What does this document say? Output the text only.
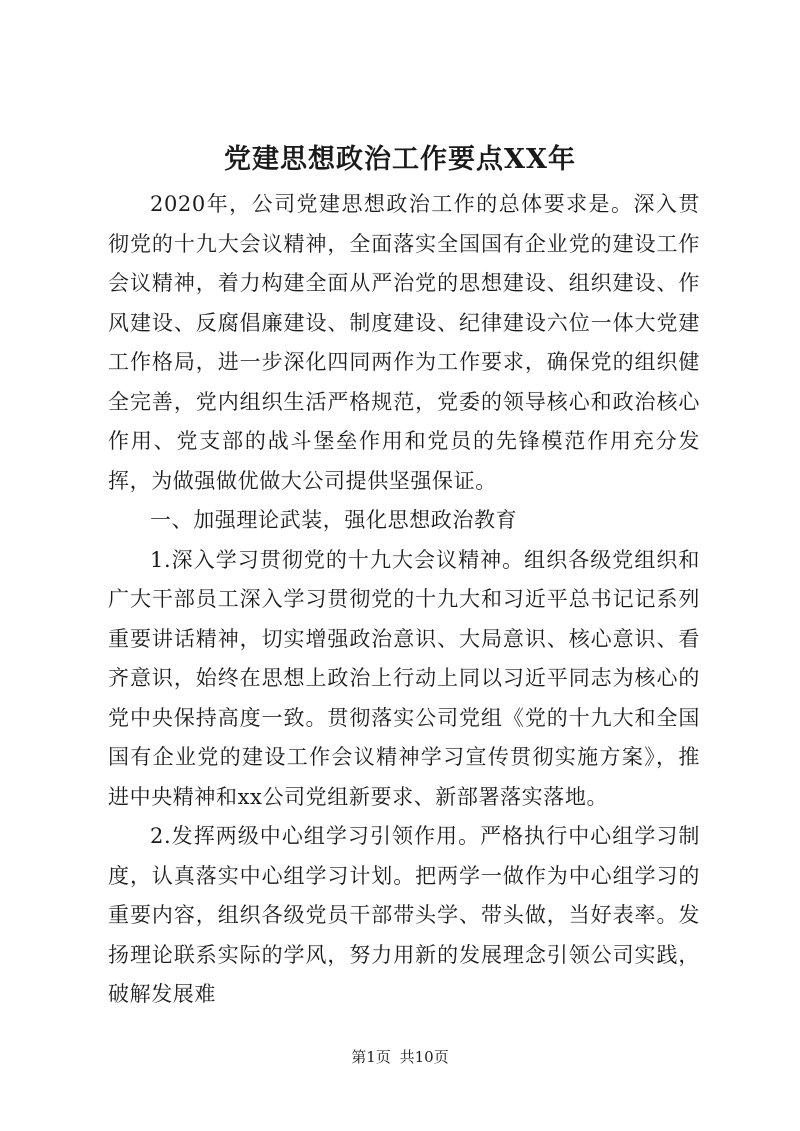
党建思想政治工作要点XX年

2020年，公司党建思想政治工作的总体要求是。深入贯彻党的十九大会议精神，全面落实全国国有企业党的建设工作会议精神，着力构建全面从严治党的思想建设、组织建设、作风建设、反腐倡廉建设、制度建设、纪律建设六位一体大党建工作格局，进一步深化四同两作为工作要求，确保党的组织健全完善，党内组织生活严格规范，党委的领导核心和政治核心作用、党支部的战斗堡垒作用和党员的先锋模范作用充分发挥，为做强做优做大公司提供坚强保证。

一、加强理论武装，强化思想政治教育

1.深入学习贯彻党的十九大会议精神。组织各级党组织和广大干部员工深入学习贯彻党的十九大和习近平总书记记系列重要讲话精神，切实增强政治意识、大局意识、核心意识、看齐意识，始终在思想上政治上行动上同以习近平同志为核心的党中央保持高度一致。贯彻落实公司党组《党的十九大和全国国有企业党的建设工作会议精神学习宣传贯彻实施方案》，推进中央精神和xx公司党组新要求、新部署落实落地。

2.发挥两级中心组学习引领作用。严格执行中心组学习制度，认真落实中心组学习计划。把两学一做作为中心组学习的重要内容，组织各级党员干部带头学、带头做，当好表率。发扬理论联系实际的学风，努力用新的发展理念引领公司实践，破解发展难

第1页 共10页
